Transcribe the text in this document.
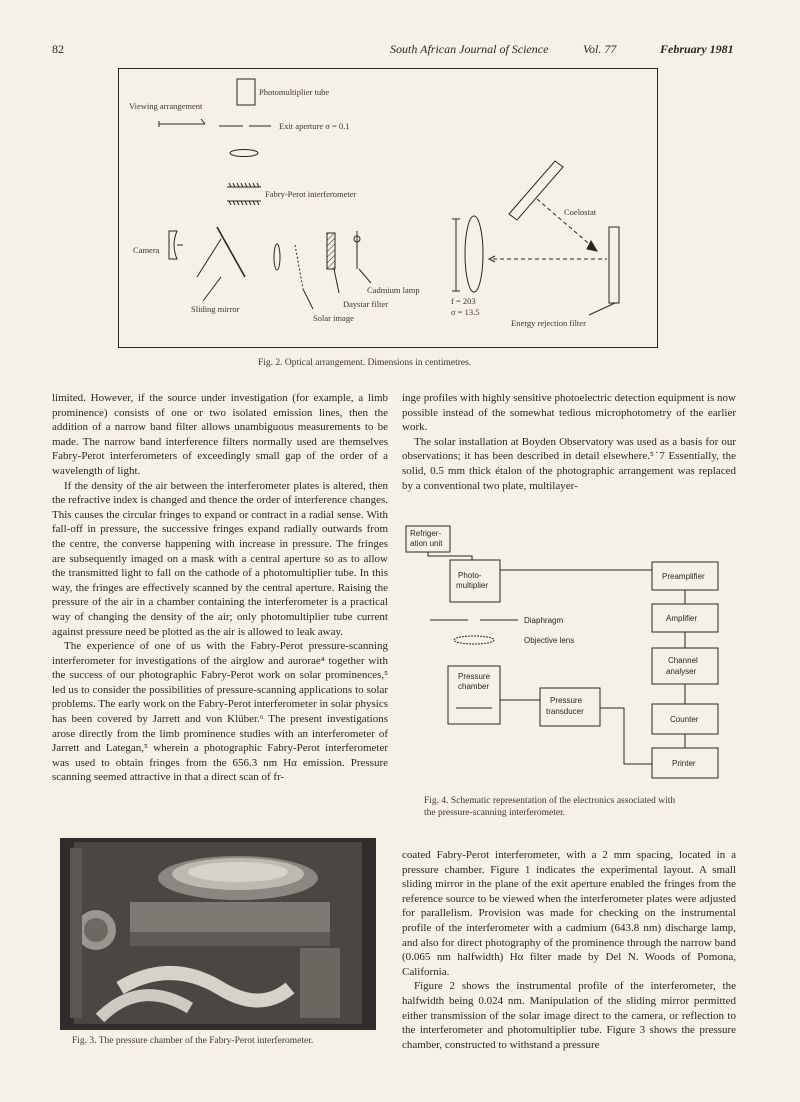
82	South African Journal of Science	Vol. 77	February 1981
Photomultiplier tube
Viewing arrangement
Exit aperture σ = 0.1
Fabry-Perot interferometer
Coelostat
Camera
Cadmium lamp
Daystar filter
Sliding mirror
Solar image
f = 203
σ = 13.5
Energy rejection filter
Fig. 2. Optical arrangement. Dimensions in centimetres.

limited. However, if the source under investigation (for example, a limb prominence) consists of one or two isolated emission lines, then the addition of a narrow band filter allows unambiguous measurements to be made. The narrow band interference filters normally used are themselves Fabry-Perot interferometers of exceedingly small gap of the order of a wavelength of light.

If the density of the air between the interferometer plates is altered, then the refractive index is changed and thence the order of interference changes. This causes the circular fringes to expand or contract in a radial sense. With fall-off in pressure, the successive fringes expand radially outwards from the centre, the converse happening with increase in pressure. The fringes are subsequently imaged on a mask with a central aperture so as to allow the transmitted light to fall on the cathode of a photomultiplier tube. In this way, the fringes are effectively scanned by the central aperture. Raising the pressure of the air in a chamber containing the interferometer is a practical way of changing the density of the air; only photomultiplier tube current against pressure need be plotted as the air is allowed to leak away.

The experience of one of us with the Fabry-Perot pressure-scanning interferometer for investigations of the airglow and aurorae⁴ together with the success of our photographic Fabry-Perot work on solar prominences,⁵ led us to consider the possibilities of pressure-scanning applications to solar problems. The early work on the Fabry-Perot interferometer in solar physics has been covered by Jarrett and von Klüber.⁶ The present investigations arose directly from the limb prominence studies with an interferometer of Jarrett and Lategan,⁵ wherein a photographic Fabry-Perot interferometer was used to obtain fringes from the 656.3 nm Hα emission. Pressure scanning seemed attractive in that a direct scan of fr-

inge profiles with highly sensitive photoelectric detection equipment is now possible instead of the somewhat tedious microphotometry of the earlier work.

The solar installation at Boyden Observatory was used as a basis for our observations; it has been described in detail elsewhere.⁵˙7 Essentially, the solid, 0.5 mm thick étalon of the photographic arrangement was replaced by a conventional two plate, multilayer-

Refriger-
ation unit
Photo-
multiplier
Preamplifier
Amplifier
Diaphragm
Objective lens
Channel
analyser
Pressure
chamber
Pressure
transducer
Counter
Printer
Fig. 4. Schematic representation of the electronics associated with
the pressure-scanning interferometer.
Fig. 3. The pressure chamber of the Fabry-Perot interferometer.

coated Fabry-Perot interferometer, with a 2 mm spacing, located in a pressure chamber. Figure 1 indicates the experimental layout. A small sliding mirror in the plane of the exit aperture enabled the fringes from the reference source to be viewed when the interferometer plates were adjusted for parallelism. Provision was made for checking on the instrumental profile of the interferometer with a cadmium (643.8 nm) discharge lamp, and also for direct photography of the prominence through the narrow band (0.065 nm halfwidth) Hα filter made by Del N. Woods of Pomona, California.

Figure 2 shows the instrumental profile of the interferometer, the halfwidth being 0.024 nm. Manipulation of the sliding mirror permitted either transmission of the solar image direct to the camera, or reflection to the interferometer and photomultiplier tube. Figure 3 shows the pressure chamber, constructed to withstand a pressure
